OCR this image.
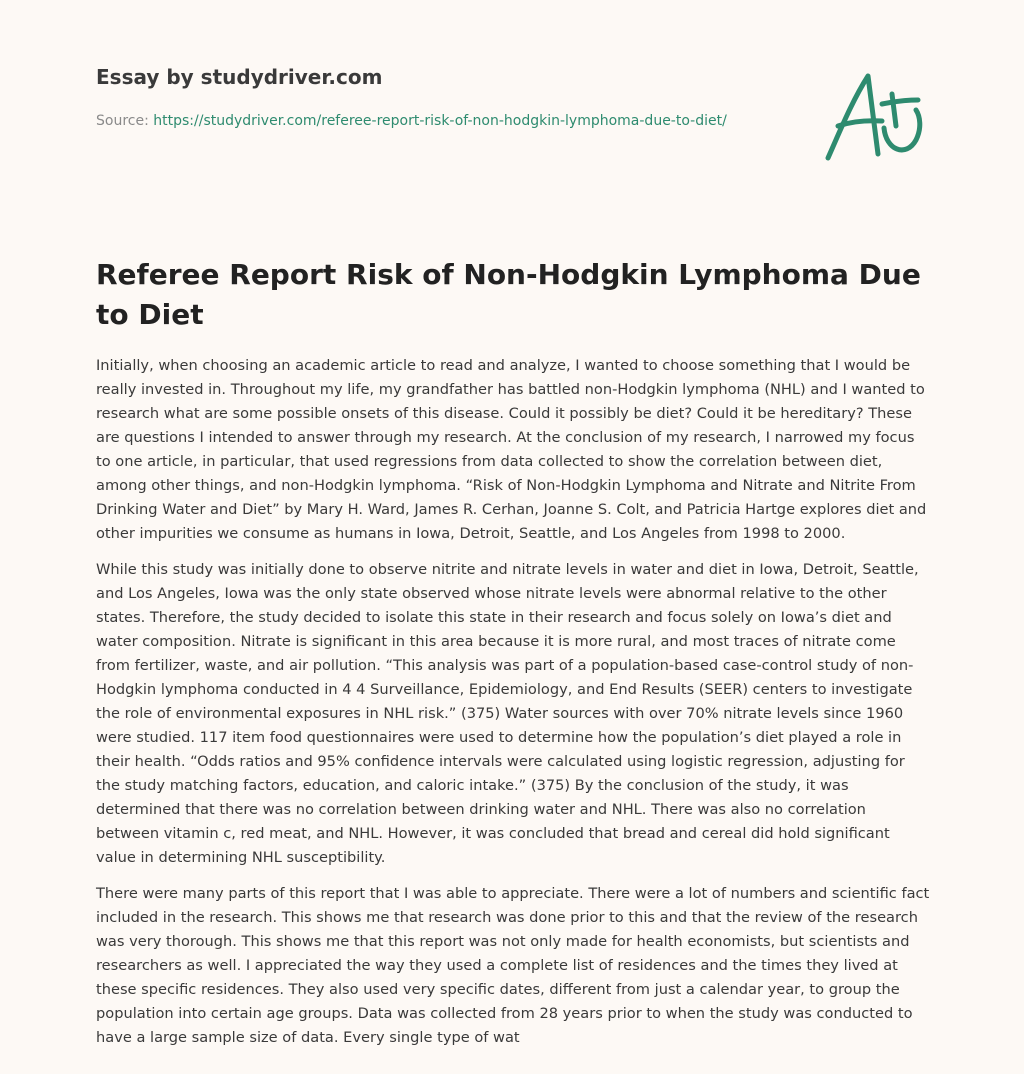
Essay by studydriver.com
Source: https://studydriver.com/referee-report-risk-of-non-hodgkin-lymphoma-due-to-diet/
Referee Report Risk of Non-Hodgkin Lymphoma Due to Diet

Initially, when choosing an academic article to read and analyze, I wanted to choose something that I would be really invested in. Throughout my life, my grandfather has battled non-Hodgkin lymphoma (NHL) and I wanted to research what are some possible onsets of this disease. Could it possibly be diet? Could it be hereditary? These are questions I intended to answer through my research. At the conclusion of my research, I narrowed my focus to one article, in particular, that used regressions from data collected to show the correlation between diet, among other things, and non-Hodgkin lymphoma. “Risk of Non-Hodgkin Lymphoma and Nitrate and Nitrite From Drinking Water and Diet” by Mary H. Ward, James R. Cerhan, Joanne S. Colt, and Patricia Hartge explores diet and other impurities we consume as humans in Iowa, Detroit, Seattle, and Los Angeles from 1998 to 2000.

While this study was initially done to observe nitrite and nitrate levels in water and diet in Iowa, Detroit, Seattle, and Los Angeles, Iowa was the only state observed whose nitrate levels were abnormal relative to the other states. Therefore, the study decided to isolate this state in their research and focus solely on Iowa’s diet and water composition. Nitrate is significant in this area because it is more rural, and most traces of nitrate come from fertilizer, waste, and air pollution. “This analysis was part of a population-based case-control study of non-Hodgkin lymphoma conducted in 4 4 Surveillance, Epidemiology, and End Results (SEER) centers to investigate the role of environmental exposures in NHL risk.” (375) Water sources with over 70% nitrate levels since 1960 were studied. 117 item food questionnaires were used to determine how the population’s diet played a role in their health. “Odds ratios and 95% confidence intervals were calculated using logistic regression, adjusting for the study matching factors, education, and caloric intake.” (375) By the conclusion of the study, it was determined that there was no correlation between drinking water and NHL. There was also no correlation between vitamin c, red meat, and NHL. However, it was concluded that bread and cereal did hold significant value in determining NHL susceptibility.

There were many parts of this report that I was able to appreciate. There were a lot of numbers and scientific fact included in the research. This shows me that research was done prior to this and that the review of the research was very thorough. This shows me that this report was not only made for health economists, but scientists and researchers as well. I appreciated the way they used a complete list of residences and the times they lived at these specific residences. They also used very specific dates, different from just a calendar year, to group the population into certain age groups. Data was collected from 28 years prior to when the study was conducted to have a large sample size of data. Every single type of wat
